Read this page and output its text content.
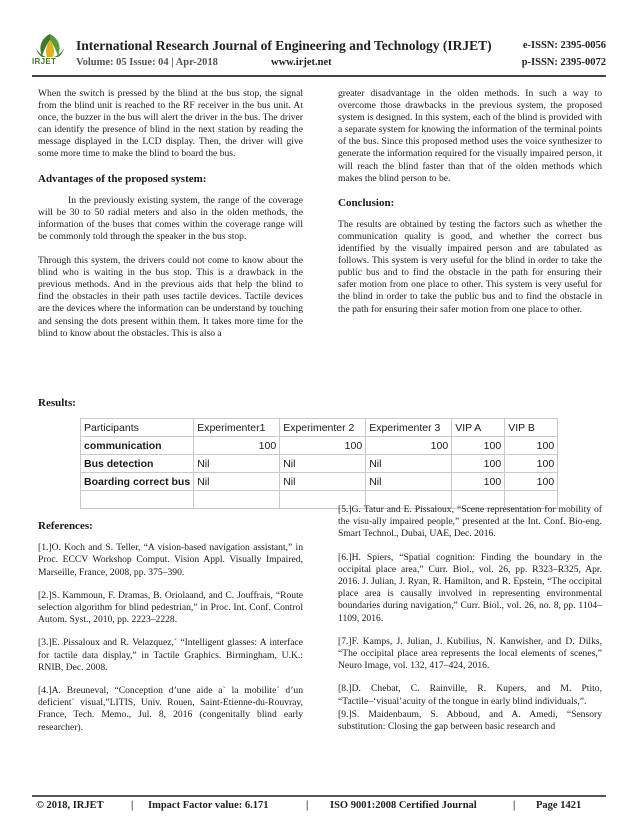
IRJET
International Research Journal of Engineering and Technology (IRJET)	e-ISSN: 2395-0056
Volume: 05 Issue: 04 | Apr-2018	www.irjet.net	p-ISSN: 2395-0072

When the switch is pressed by the blind at the bus stop, the signal from the blind unit is reached to the RF receiver in the bus unit. At once, the buzzer in the bus will alert the driver in the bus. The driver can identify the presence of blind in the next station by reading the message displayed in the LCD display. Then, the driver will give some more time to make the blind to board the bus.

Advantages of the proposed system:

In the previously existing system, the range of the coverage will be 30 to 50 radial meters and also in the olden methods, the information of the buses that comes within the coverage range will be commonly told through the speaker in the bus stop.

Through this system, the drivers could not come to know about the blind who is waiting in the bus stop. This is a drawback in the previous methods. And in the previous aids that help the blind to find the obstacles in their path uses tactile devices. Tactile devices are the devices where the information can be understand by touching and sensing the dots present within them. It takes more time for the blind to know about the obstacles. This is also a

greater disadvantage in the olden methods. In such a way to overcome those drawbacks in the previous system, the proposed system is designed. In this system, each of the blind is provided with a separate system for knowing the information of the terminal points of the bus. Since this proposed method uses the voice synthesizer to generate the information required for the visually impaired person, it will reach the blind faster than that of the olden methods which makes the blind person to be.

Conclusion:

The results are obtained by testing the factors such as whether the communication quality is good, and whether the correct bus identified by the visually impaired person and are tabulated as follows. This system is very useful for the blind in order to take the public bus and to find the obstacle in the path for ensuring their safer motion from one place to other. This system is very useful for the blind in order to take the public bus and to find the obstacle in the path for ensuring their safer motion from one place to other.

Results:
Participants	Experimenter1	Experimenter 2	Experimenter 3	VIP A	VIP B
communication	100	100	100	100	100
Bus detection	Nil	Nil	Nil	100	100
Boarding correct bus	Nil	Nil	Nil	100	100

References:

[1.]O. Koch and S. Teller, “A vision-based navigation assistant,” in Proc. ECCV Workshop Comput. Vision Appl. Visually Impaired, Marseille, France, 2008, pp. 375–390.

[2.]S. Kammoun, F. Dramas, B. Oriolaand, and C. Jouffrais, “Route selection algorithm for blind pedestrian,” in Proc. Int. Conf. Control Autom. Syst., 2010, pp. 2223–2228.

[3.]E. Pissaloux and R. Velazquez,´ “Intelligent glasses: A interface for tactile data display,” in Tactile Graphics. Birmingham, U.K.: RNIB, Dec. 2008.

[4.]A. Breuneval, “Conception d’une aide a` la mobilite´ d’un deficient´ visual,”LITIS, Univ. Rouen, Saint-Etienne-du-Rouvray, France, Tech. Memo., Jul. 8, 2016 (congenitally blind early researcher).

[5.]G. Tatur and E. Pissaloux, “Scene representation for mobility of the visu-ally impaired people,” presented at the Int. Conf. Bio-eng. Smart Technol., Dubai, UAE, Dec. 2016.

[6.]H. Spiers, “Spatial cognition: Finding the boundary in the occipital place area,” Curr. Biol., vol. 26, pp. R323–R325, Apr. 2016. J. Julian, J. Ryan, R. Hamilton, and R. Epstein, “The occipital place area is causally involved in representing environmental boundaries during navigation,” Curr. Biol., vol. 26, no. 8, pp. 1104–1109, 2016.

[7.]F. Kamps, J. Julian, J. Kubilius, N. Kanwisher, and D. Dilks, “The occipital place area represents the local elements of scenes,” Neuro Image, vol. 132, 417–424, 2016.

[8.]D. Chebat, C. Rainville, R. Kupers, and M. Ptito, “Tactile–‘visual’acuity of the tongue in early blind individuals,”.

[9.]S. Maidenbaum, S. Abboud, and A. Amedi, “Sensory substitution: Closing the gap between basic research and

© 2018, IRJET	| Impact Factor value: 6.171	| ISO 9001:2008 Certified Journal	| Page 1421
